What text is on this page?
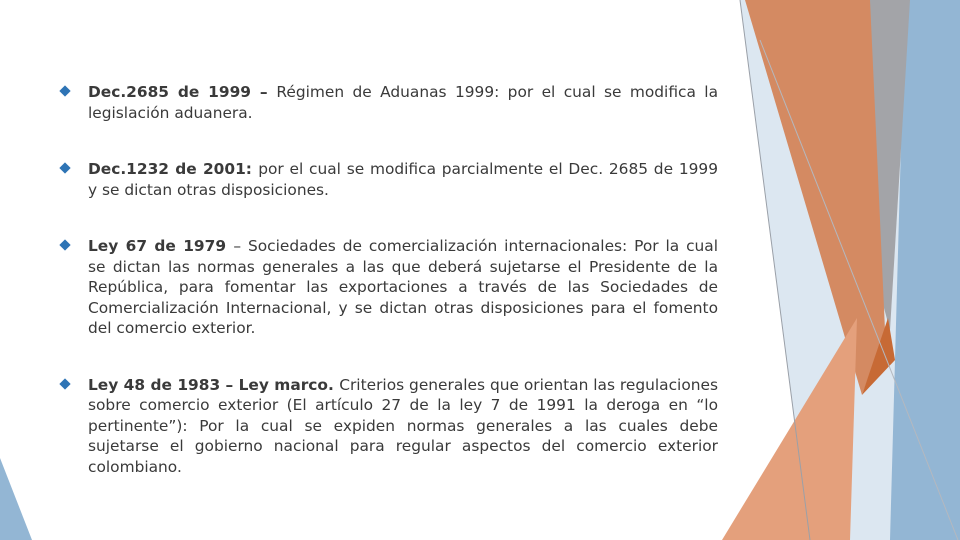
Dec.2685 de 1999 – Régimen de Aduanas 1999: por el cual se modifica la legislación aduanera.
Dec.1232 de 2001: por el cual se modifica parcialmente el Dec. 2685 de 1999 y se dictan otras disposiciones.
Ley 67 de 1979 – Sociedades de comercialización internacionales: Por la cual se dictan las normas generales a las que deberá sujetarse el Presidente de la República, para fomentar las exportaciones a través de las Sociedades de Comercialización Internacional, y se dictan otras disposiciones para el fomento del comercio exterior.
Ley 48 de 1983 – Ley marco. Criterios generales que orientan las regulaciones sobre comercio exterior (El artículo 27 de la ley 7 de 1991 la deroga en “lo pertinente”): Por la cual se expiden normas generales a las cuales debe sujetarse el gobierno nacional para regular aspectos del comercio exterior colombiano.
